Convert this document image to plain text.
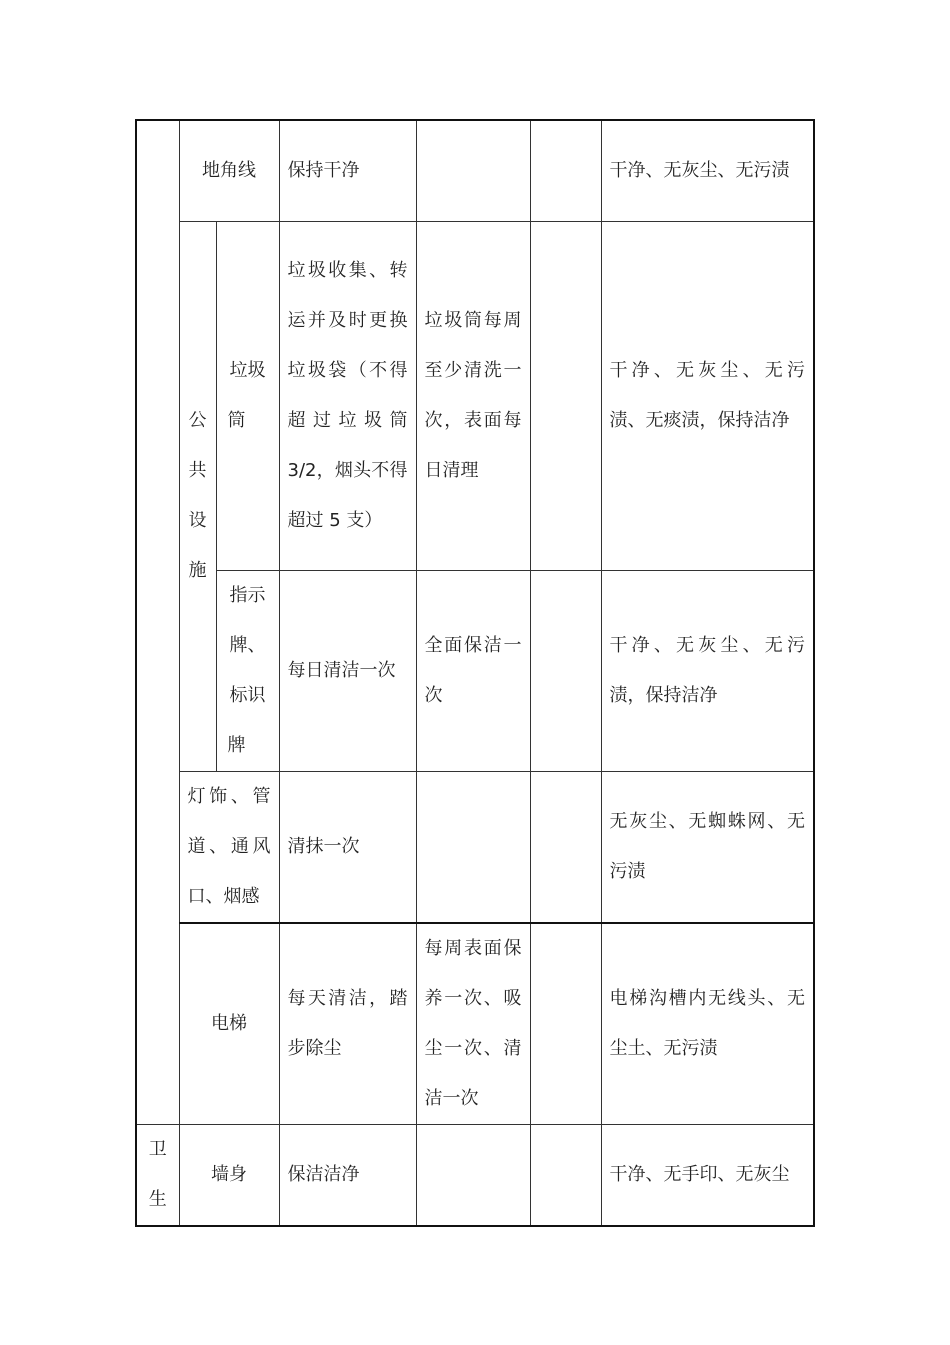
	地角线		保持干净			干净、无灰尘、无污渍

	公共设施	垃圾筒	垃圾收集、转运并及时更换垃圾袋（不得超过垃圾筒 3/2，烟头不得超过 5 支）	垃圾筒每周至少清洗一次，表面每日清理		干净、无灰尘、无污渍、无痰渍，保持洁净

		指示牌、标识牌	每日清洁一次	全面保洁一次		干净、无灰尘、无污渍，保持洁净
	灯饰、管道、通风口、烟感		清抹一次			无灰尘、无蜘蛛网、无污渍
	电梯		每天清洁，踏步除尘	每周表面保养一次、吸尘一次、清洁一次		电梯沟槽内无线头、无尘土、无污渍

卫生	墙身		保洁洁净			干净、无手印、无灰尘
